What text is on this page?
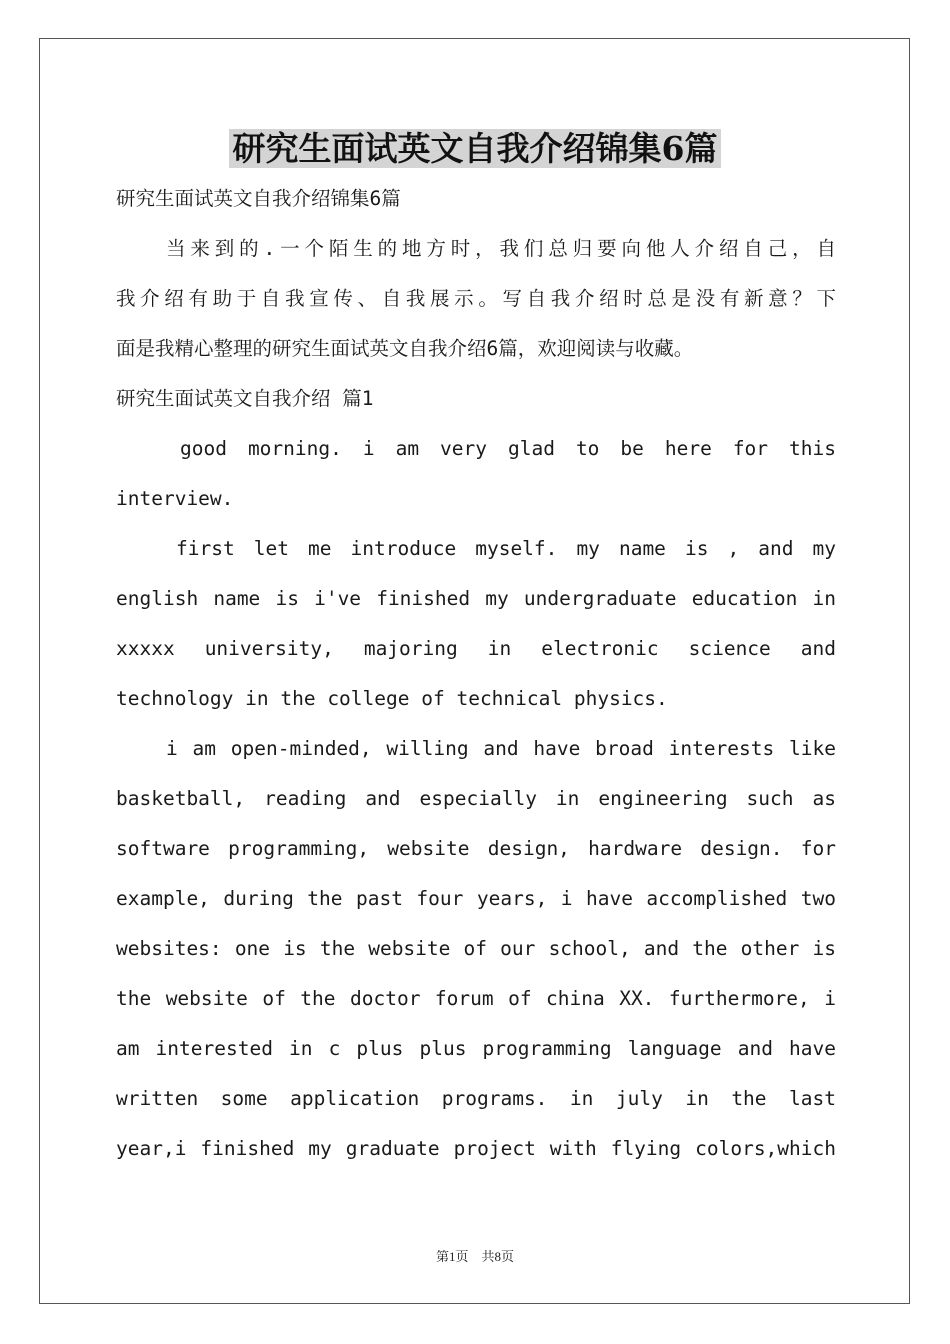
研究生面试英文自我介绍锦集6篇
研究生面试英文自我介绍锦集6篇
当来到的.一个陌生的地方时，我们总归要向他人介绍自己，自
我介绍有助于自我宣传、自我展示。写自我介绍时总是没有新意？下
面是我精心整理的研究生面试英文自我介绍6篇，欢迎阅读与收藏。
研究生面试英文自我介绍 篇1
good morning. i am very glad to be here for this
interview.
first let me introduce myself. my name is , and my
english name is i've finished my undergraduate education in
xxxxx university, majoring in electronic science and
technology in the college of technical physics.
i am open-minded, willing and have broad interests like
basketball, reading and especially in engineering such as
software programming, website design, hardware design. for
example, during the past four years, i have accomplished two
websites: one is the website of our school, and the other is
the website of the doctor forum of china XX. furthermore, i
am interested in c plus plus programming language and have
written some application programs. in july in the last
year,i finished my graduate project with flying colors,which
第1页　共8页
